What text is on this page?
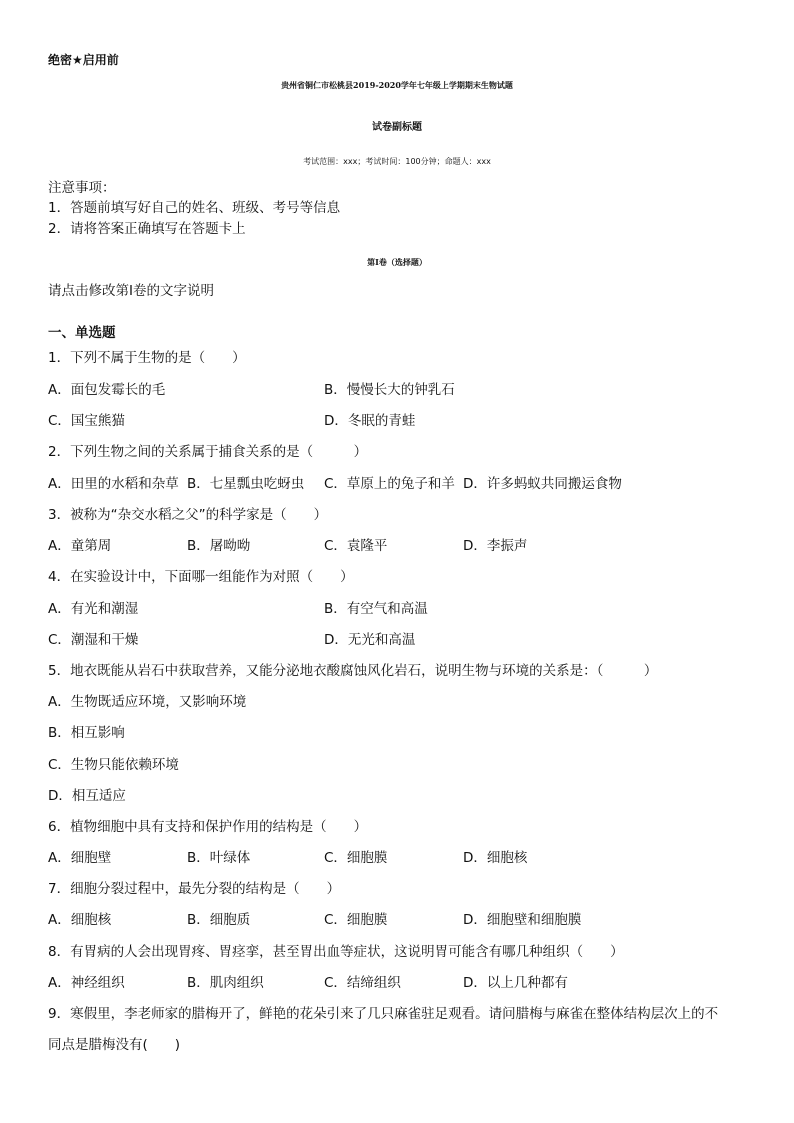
绝密★启用前
贵州省铜仁市松桃县2019-2020学年七年级上学期期末生物试题
试卷副标题
考试范围：xxx；考试时间：100分钟；命题人：xxx
注意事项：
1．答题前填写好自己的姓名、班级、考号等信息
2．请将答案正确填写在答题卡上
第I卷（选择题）
请点击修改第I卷的文字说明
一、单选题
1．下列不属于生物的是（　　）
A．面包发霉长的毛	B．慢慢长大的钟乳石
C．国宝熊猫	D．冬眠的青蛙
2．下列生物之间的关系属于捕食关系的是（　　　）
A．田里的水稻和杂草 B．七星瓢虫吃蚜虫 C．草原上的兔子和羊 D．许多蚂蚁共同搬运食物
3．被称为“杂交水稻之父”的科学家是（　　）
A．童第周	B．屠呦呦	C．袁隆平	D．李振声
4．在实验设计中，下面哪一组能作为对照（　　）
A．有光和潮湿	B．有空气和高温
C．潮湿和干燥	D．无光和高温
5．地衣既能从岩石中获取营养，又能分泌地衣酸腐蚀风化岩石，说明生物与环境的关系是：（　　　）
A．生物既适应环境，又影响环境
B．相互影响
C．生物只能依赖环境
D．相互适应
6．植物细胞中具有支持和保护作用的结构是（　　）
A．细胞壁	B．叶绿体	C．细胞膜	D．细胞核
7．细胞分裂过程中，最先分裂的结构是（　　）
A．细胞核	B．细胞质	C．细胞膜	D．细胞壁和细胞膜
8．有胃病的人会出现胃疼、胃痉挛，甚至胃出血等症状，这说明胃可能含有哪几种组织（　　）
A．神经组织	B．肌肉组织	C．结缔组织	D．以上几种都有
9．寒假里，李老师家的腊梅开了，鲜艳的花朵引来了几只麻雀驻足观看。请问腊梅与麻雀在整体结构层次上的不
同点是腊梅没有(　　)
